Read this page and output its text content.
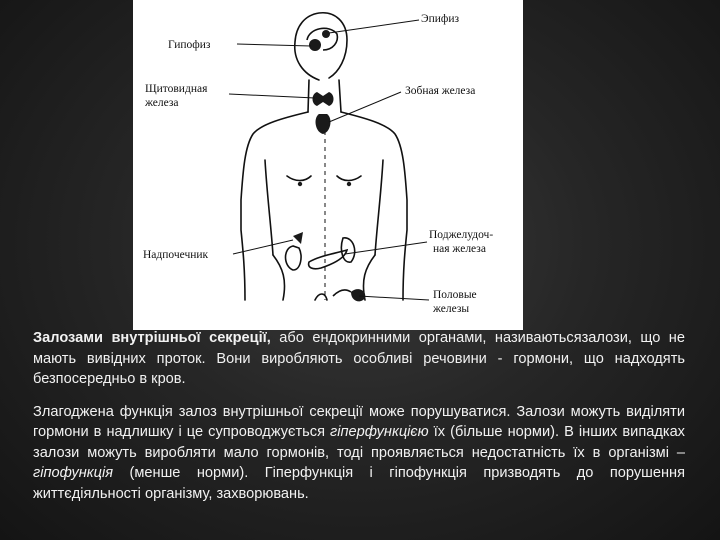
Гипофиз
Эпифиз
Щитовидная
железа
Зобная железа
Надпочечник
Поджелудоч-
ная железа
Половые
железы

Залозами внутрішньої секреції, або ендокринними органами, називаютьсязалози, що не мають вивідних проток. Вони виробляють особливі речовини - гормони, що надходять безпосередньо в кров.

Злагоджена функція залоз внутрішньої секреції може порушуватися. Залози можуть виділяти гормони в надлишку і це супроводжується гіперфункцією їх (більше норми). В інших випадках залози можуть виробляти мало гормонів, тоді проявляється недостатність їх в організмі –гіпофункція (менше норми). Гіперфункція і гіпофункція призводять до порушення життєдіяльності організму, захворювань.
